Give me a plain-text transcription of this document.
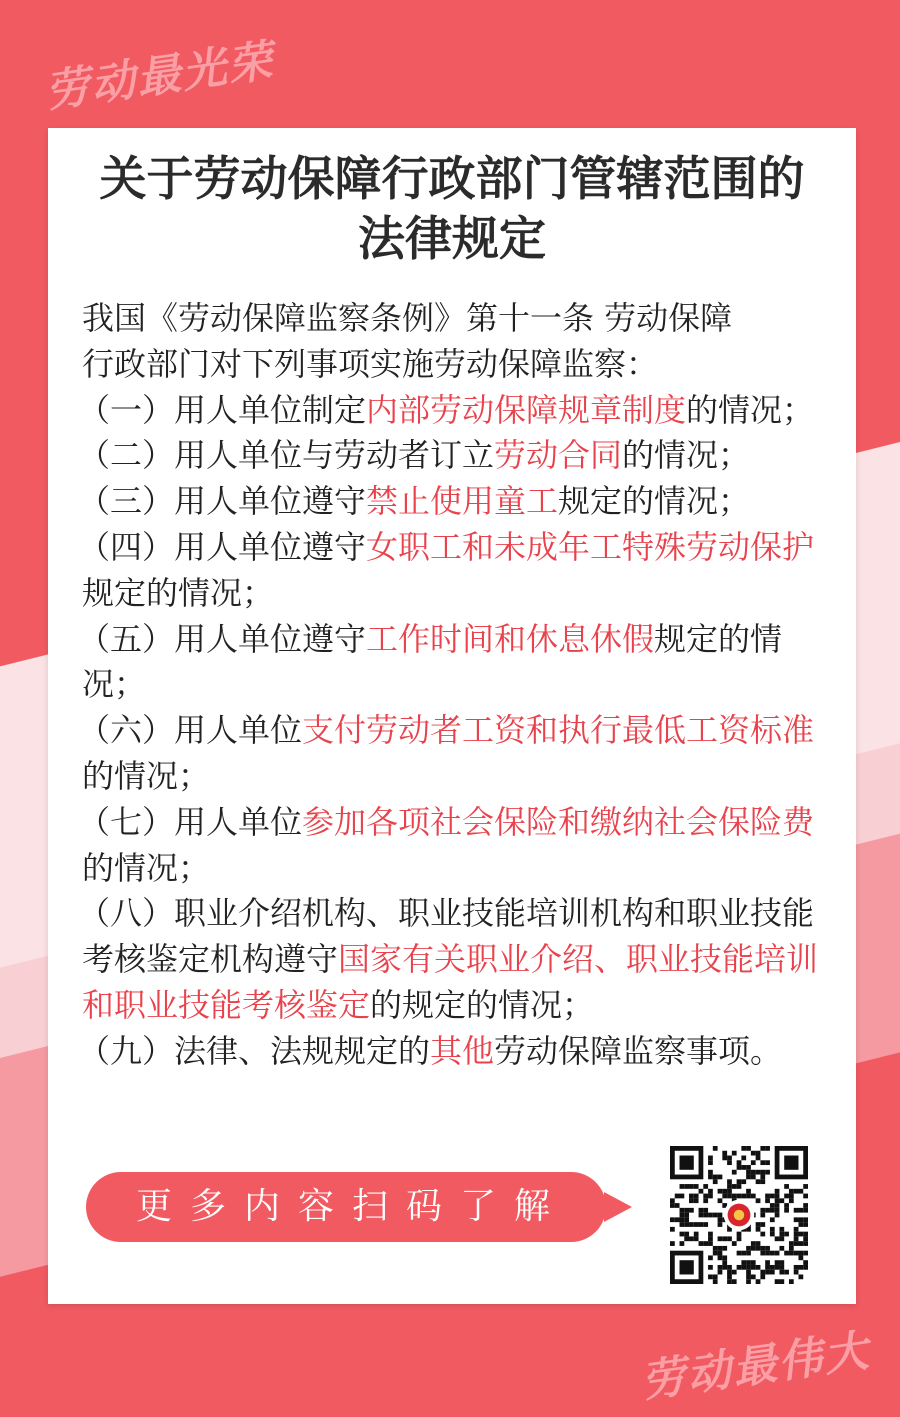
劳动最光荣
劳动最伟大
关于劳动保障行政部门管辖范围的
法律规定
我国《劳动保障监察条例》第十一条 劳动保障
行政部门对下列事项实施劳动保障监察：
（一）用人单位制定内部劳动保障规章制度的情况；
（二）用人单位与劳动者订立劳动合同的情况；
（三）用人单位遵守禁止使用童工规定的情况；
（四）用人单位遵守女职工和未成年工特殊劳动保护规定的情况；
（五）用人单位遵守工作时间和休息休假规定的情况；
（六）用人单位支付劳动者工资和执行最低工资标准的情况；
（七）用人单位参加各项社会保险和缴纳社会保险费的情况；
（八）职业介绍机构、职业技能培训机构和职业技能考核鉴定机构遵守国家有关职业介绍、职业技能培训和职业技能考核鉴定的规定的情况；
（九）法律、法规规定的其他劳动保障监察事项。
更多内容扫码了解
